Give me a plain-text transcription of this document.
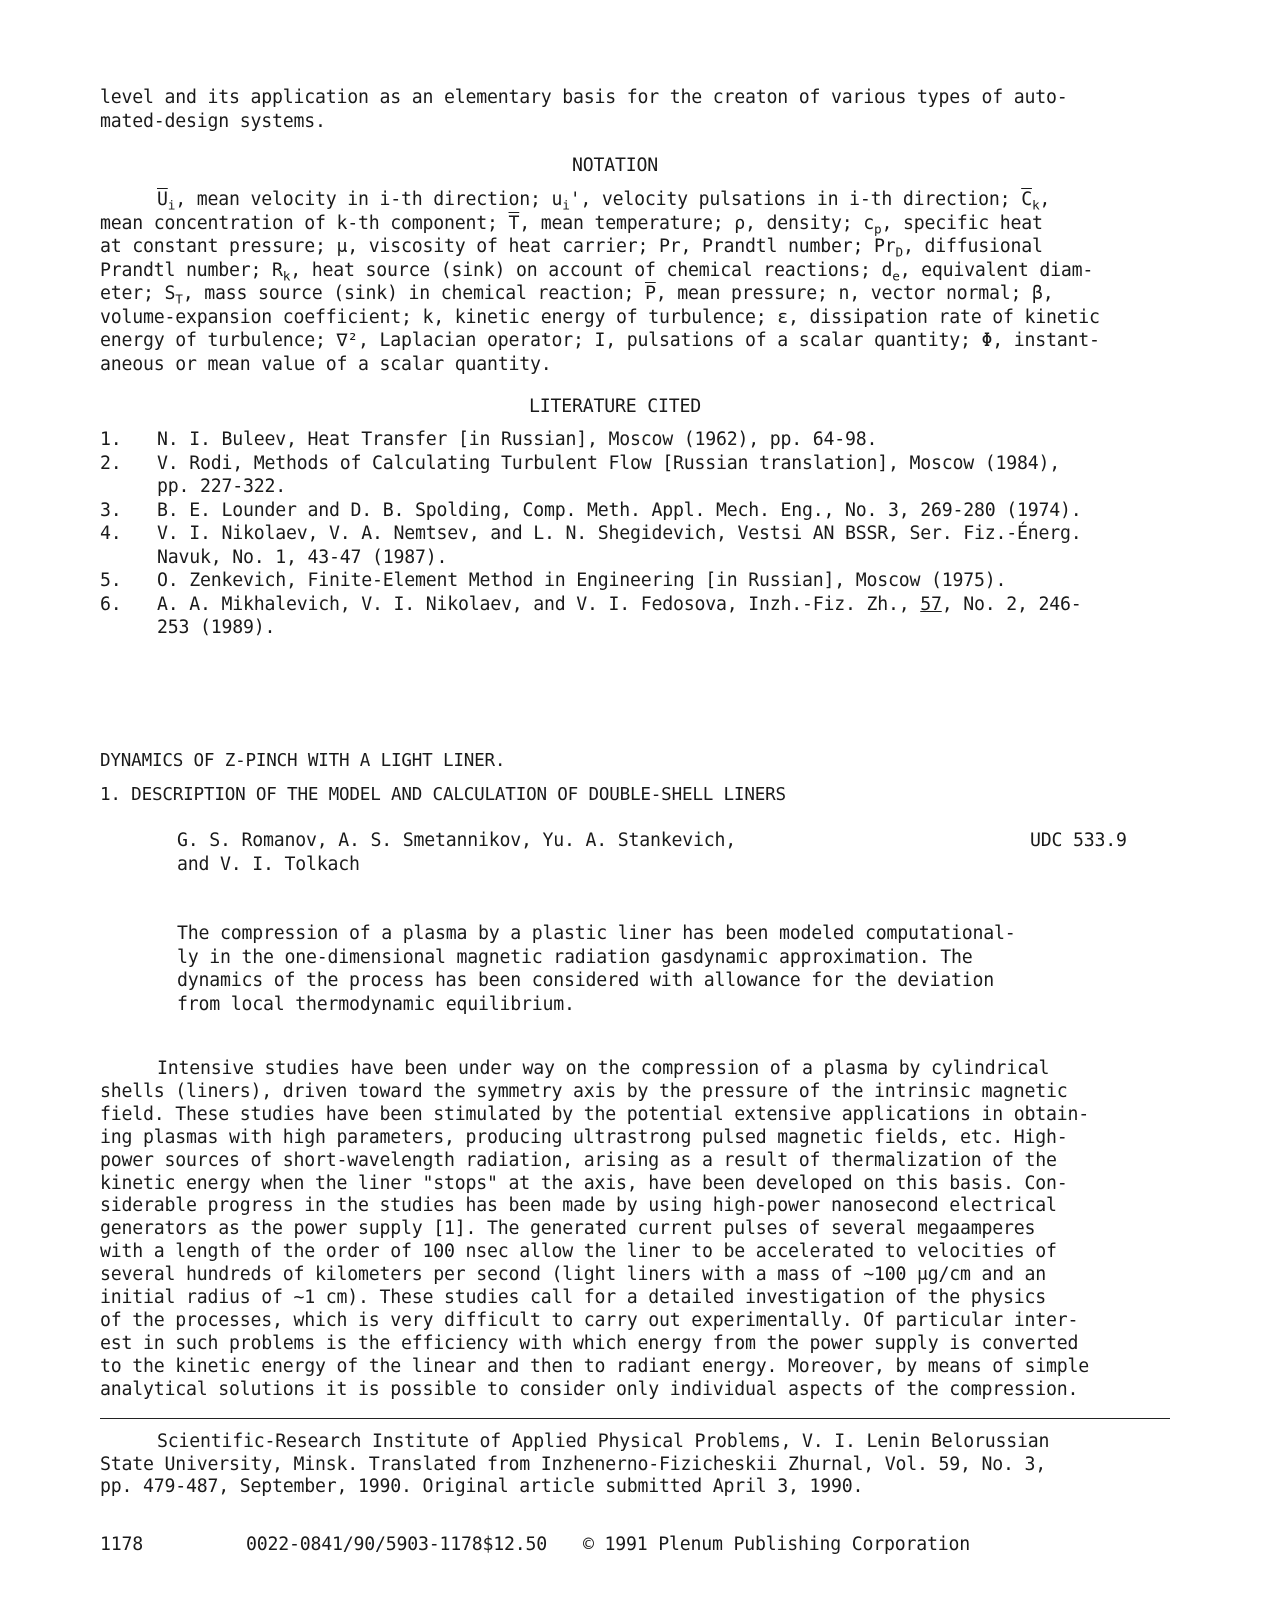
level and its application as an elementary basis for the creaton of various types of auto-
mated-design systems.
NOTATION
$\overline{U}_i$, mean velocity in i-th direction; $u_i'$, velocity pulsations in i-th direction; $\overline{C}_k$,
mean concentration of k-th component; $\overline{T}$, mean temperature; ρ, density; $c_p$, specific heat
at constant pressure; μ, viscosity of heat carrier; Pr, Prandtl number; $Pr_D$, diffusional
Prandtl number; $R_k$, heat source (sink) on account of chemical reactions; $d_e$, equivalent diam-
eter; $S_T$, mass source (sink) in chemical reaction; $\overline{P}$, mean pressure; n, vector normal; β,
volume-expansion coefficient; k, kinetic energy of turbulence; ε, dissipation rate of kinetic
energy of turbulence; ∇², Laplacian operator; I, pulsations of a scalar quantity; Φ, instant-
aneous or mean value of a scalar quantity.
LITERATURE CITED
1. N. I. Buleev, Heat Transfer [in Russian], Moscow (1962), pp. 64-98.
2. V. Rodi, Methods of Calculating Turbulent Flow [Russian translation], Moscow (1984),
pp. 227-322.
3. B. E. Lounder and D. B. Spolding, Comp. Meth. Appl. Mech. Eng., No. 3, 269-280 (1974).
4. V. I. Nikolaev, V. A. Nemtsev, and L. N. Shegidevich, Vestsi AN BSSR, Ser. Fiz.-Énerg.
Navuk, No. 1, 43-47 (1987).
5. O. Zenkevich, Finite-Element Method in Engineering [in Russian], Moscow (1975).
6. A. A. Mikhalevich, V. I. Nikolaev, and V. I. Fedosova, Inzh.-Fiz. Zh., 57, No. 2, 246-
253 (1989).
DYNAMICS OF Z-PINCH WITH A LIGHT LINER.
1. DESCRIPTION OF THE MODEL AND CALCULATION OF DOUBLE-SHELL LINERS
G. S. Romanov, A. S. Smetannikov, Yu. A. Stankevich,
and V. I. Tolkach
UDC 533.9
The compression of a plasma by a plastic liner has been modeled computational-
ly in the one-dimensional magnetic radiation gasdynamic approximation. The
dynamics of the process has been considered with allowance for the deviation
from local thermodynamic equilibrium.
Intensive studies have been under way on the compression of a plasma by cylindrical
shells (liners), driven toward the symmetry axis by the pressure of the intrinsic magnetic
field. These studies have been stimulated by the potential extensive applications in obtain-
ing plasmas with high parameters, producing ultrastrong pulsed magnetic fields, etc. High-
power sources of short-wavelength radiation, arising as a result of thermalization of the
kinetic energy when the liner "stops" at the axis, have been developed on this basis. Con-
siderable progress in the studies has been made by using high-power nanosecond electrical
generators as the power supply [1]. The generated current pulses of several megaamperes
with a length of the order of 100 nsec allow the liner to be accelerated to velocities of
several hundreds of kilometers per second (light liners with a mass of ~100 μg/cm and an
initial radius of ~1 cm). These studies call for a detailed investigation of the physics
of the processes, which is very difficult to carry out experimentally. Of particular inter-
est in such problems is the efficiency with which energy from the power supply is converted
to the kinetic energy of the linear and then to radiant energy. Moreover, by means of simple
analytical solutions it is possible to consider only individual aspects of the compression.
Scientific-Research Institute of Applied Physical Problems, V. I. Lenin Belorussian
State University, Minsk. Translated from Inzhenerno-Fizicheskii Zhurnal, Vol. 59, No. 3,
pp. 479-487, September, 1990. Original article submitted April 3, 1990.
1178	0022-0841/90/5903-1178$12.50 © 1991 Plenum Publishing Corporation
